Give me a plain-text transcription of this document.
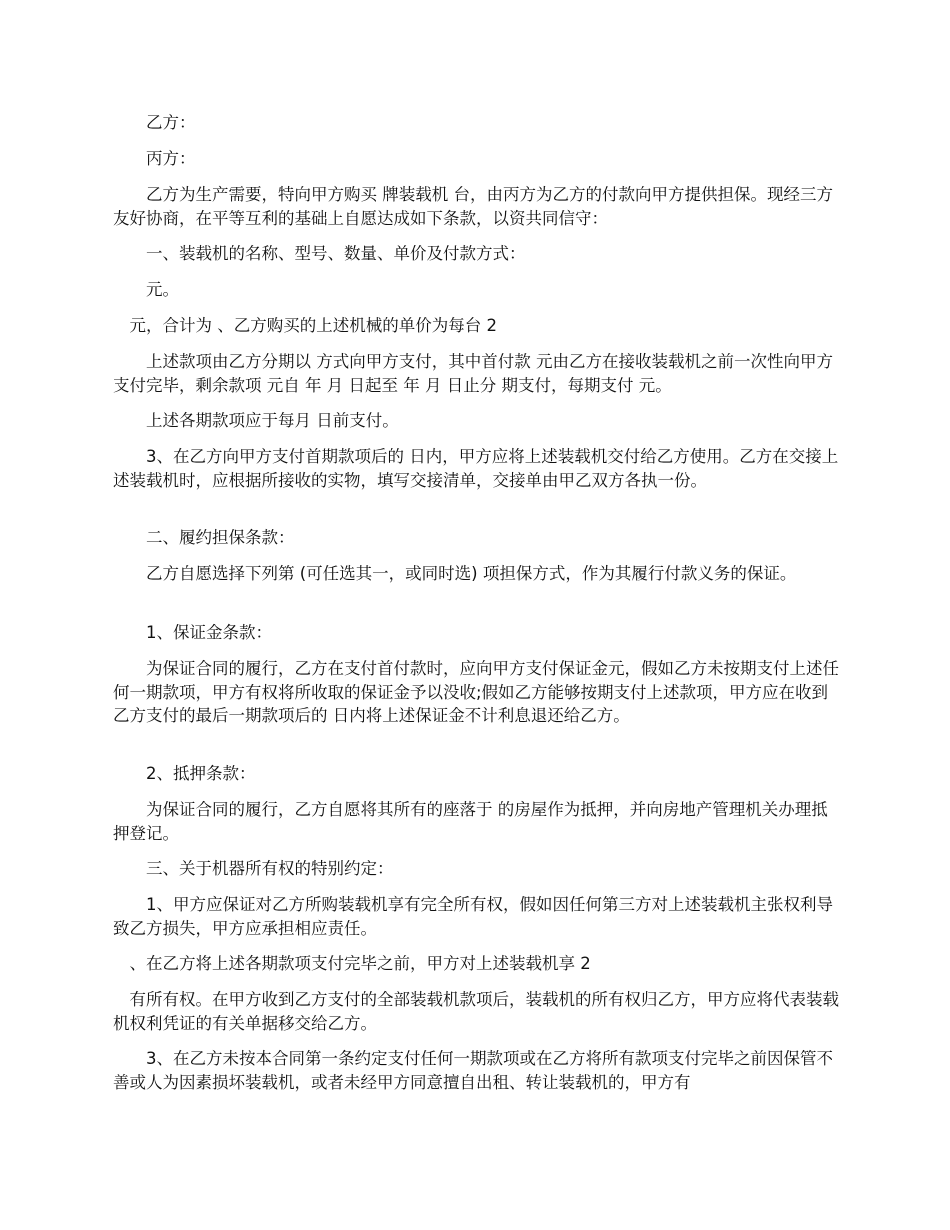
　　乙方：

　　丙方：

　　乙方为生产需要，特向甲方购买 牌装载机 台，由丙方为乙方的付款向甲方提供担保。现经三方友好协商，在平等互利的基础上自愿达成如下条款，以资共同信守：

　　一、装载机的名称、型号、数量、单价及付款方式：

　　元。

　元，合计为 、乙方购买的上述机械的单价为每台 2

　　上述款项由乙方分期以 方式向甲方支付，其中首付款 元由乙方在接收装载机之前一次性向甲方支付完毕，剩余款项 元自 年 月 日起至 年 月 日止分 期支付，每期支付 元。

　　上述各期款项应于每月 日前支付。

　　3、在乙方向甲方支付首期款项后的 日内，甲方应将上述装载机交付给乙方使用。乙方在交接上述装载机时，应根据所接收的实物，填写交接清单，交接单由甲乙双方各执一份。

　　二、履约担保条款：

　　乙方自愿选择下列第 (可任选其一，或同时选) 项担保方式，作为其履行付款义务的保证。

　　1、保证金条款：

　　为保证合同的履行，乙方在支付首付款时，应向甲方支付保证金元，假如乙方未按期支付上述任何一期款项，甲方有权将所收取的保证金予以没收;假如乙方能够按期支付上述款项，甲方应在收到乙方支付的最后一期款项后的 日内将上述保证金不计利息退还给乙方。

　　2、抵押条款：

　　为保证合同的履行，乙方自愿将其所有的座落于 的房屋作为抵押，并向房地产管理机关办理抵押登记。

　　三、关于机器所有权的特别约定：

　　1、甲方应保证对乙方所购装载机享有完全所有权，假如因任何第三方对上述装载机主张权利导致乙方损失，甲方应承担相应责任。

　、在乙方将上述各期款项支付完毕之前，甲方对上述装载机享 2

　有所有权。在甲方收到乙方支付的全部装载机款项后，装载机的所有权归乙方，甲方应将代表装载机权利凭证的有关单据移交给乙方。

　　3、在乙方未按本合同第一条约定支付任何一期款项或在乙方将所有款项支付完毕之前因保管不善或人为因素损坏装载机，或者未经甲方同意擅自出租、转让装载机的，甲方有
